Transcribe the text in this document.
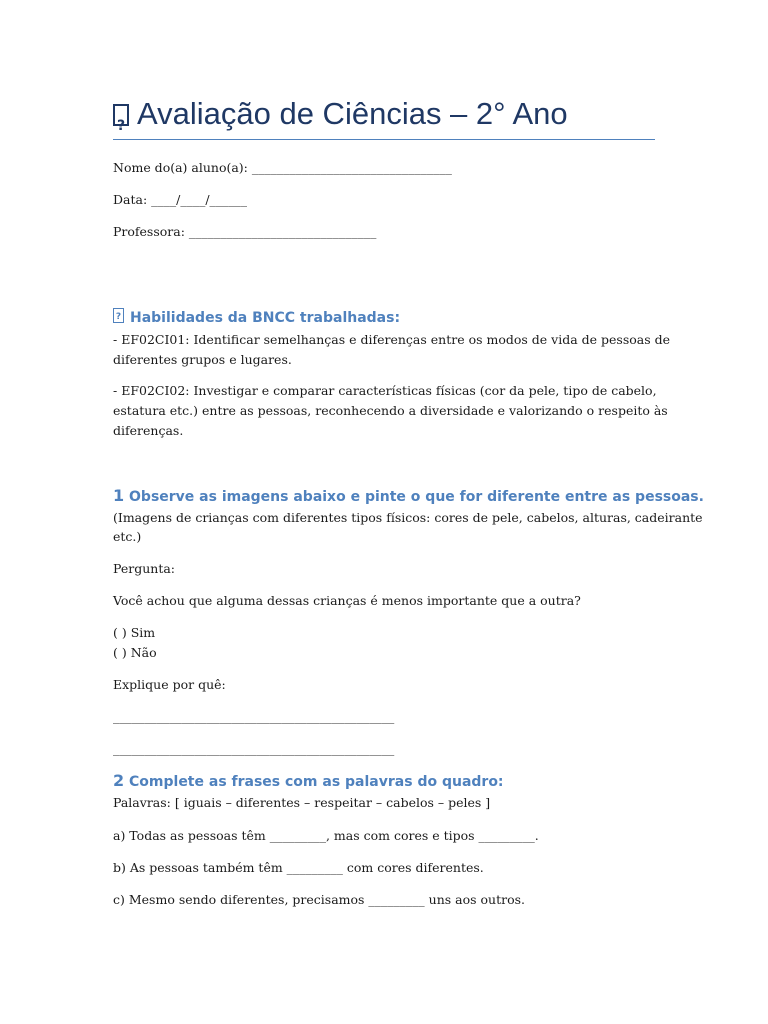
?Avaliação de Ciências – 2° Ano
Nome do(a) aluno(a): ________________________________
Data: ____/____/______
Professora: ______________________________
?Habilidades da BNCC trabalhadas:
- EF02CI01: Identificar semelhanças e diferenças entre os modos de vida de pessoas de
diferentes grupos e lugares.
- EF02CI02: Investigar e comparar características físicas (cor da pele, tipo de cabelo,
estatura etc.) entre as pessoas, reconhecendo a diversidade e valorizando o respeito às
diferenças.
1 Observe as imagens abaixo e pinte o que for diferente entre as pessoas.
(Imagens de crianças com diferentes tipos físicos: cores de pele, cabelos, alturas, cadeirante
etc.)
Pergunta:
Você achou que alguma dessas crianças é menos importante que a outra?
( ) Sim
( ) Não
Explique por quê:
_____________________________________________
_____________________________________________
2 Complete as frases com as palavras do quadro:
Palavras: [ iguais – diferentes – respeitar – cabelos – peles ]
a) Todas as pessoas têm _________, mas com cores e tipos _________.
b) As pessoas também têm _________ com cores diferentes.
c) Mesmo sendo diferentes, precisamos _________ uns aos outros.
